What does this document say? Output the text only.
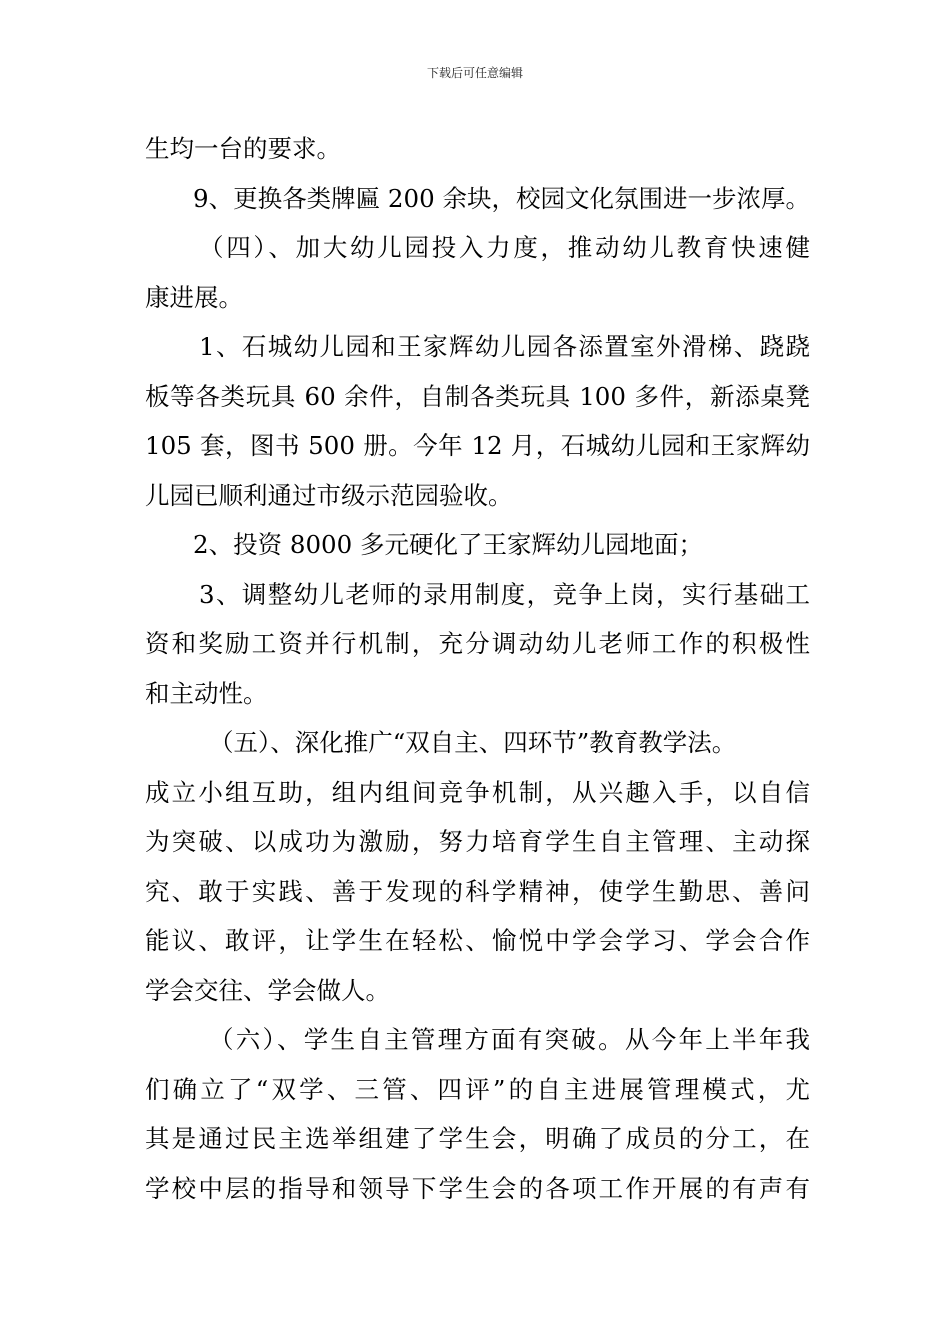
下载后可任意编辑
生均一台的要求。
9、更换各类牌匾 200 余块，校园文化氛围进一步浓厚。
（四）、加大幼儿园投入力度，推动幼儿教育快速健
康进展。
1、石城幼儿园和王家辉幼儿园各添置室外滑梯、跷跷
板等各类玩具 60 余件，自制各类玩具 100 多件，新添桌凳
105 套，图书 500 册。今年 12 月，石城幼儿园和王家辉幼
儿园已顺利通过市级示范园验收。
2、投资 8000 多元硬化了王家辉幼儿园地面；
3、调整幼儿老师的录用制度，竞争上岗，实行基础工
资和奖励工资并行机制，充分调动幼儿老师工作的积极性
和主动性。
（五）、深化推广“双自主、四环节”教育教学法。
成立小组互助，组内组间竞争机制，从兴趣入手，以自信
为突破、以成功为激励，努力培育学生自主管理、主动探
究、敢于实践、善于发现的科学精神，使学生勤思、善问
能议、敢评，让学生在轻松、愉悦中学会学习、学会合作
学会交往、学会做人。
（六）、学生自主管理方面有突破。从今年上半年我
们确立了“双学、三管、四评”的自主进展管理模式，尤
其是通过民主选举组建了学生会，明确了成员的分工，在
学校中层的指导和领导下学生会的各项工作开展的有声有
